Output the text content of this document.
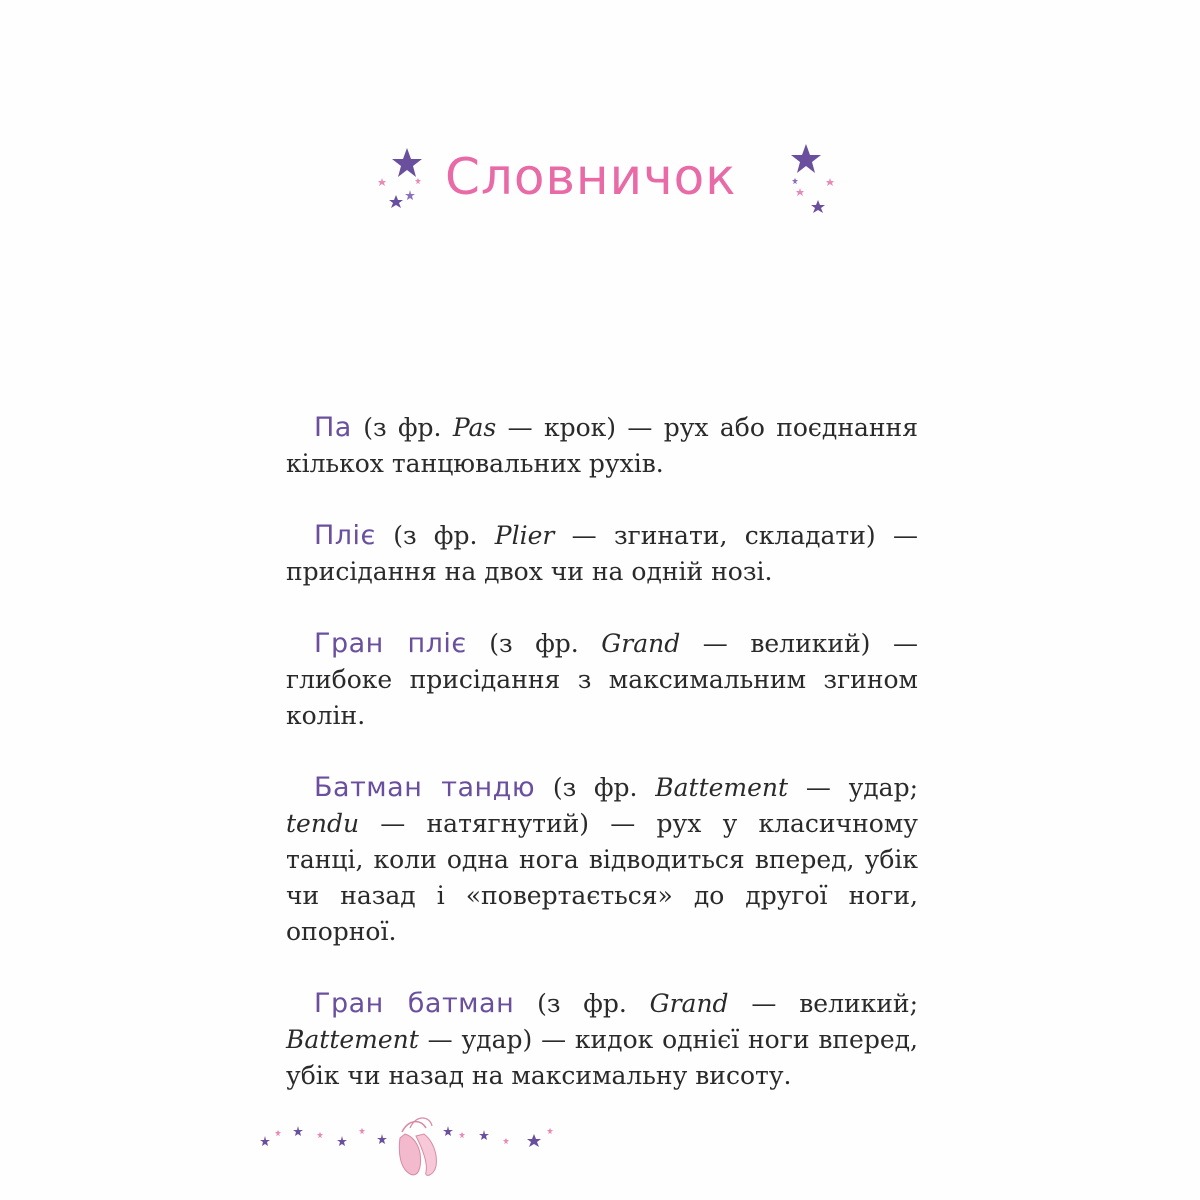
Словничок

Па (з фр. Pas — крок) — рух або поєднання кількох танцювальних рухів.

Пліє (з фр. Plier — згинати, складати) — присідання на двох чи на одній нозі.

Гран пліє (з фр. Grand — великий) — глибоке присідання з максимальним згином колін.

Батман тандю (з фр. Battement — удар; tendu — натягнутий) — рух у класичному танці, коли одна нога відводиться вперед, убік чи назад і «повертається» до другої ноги, опорної.

Гран батман (з фр. Grand — великий; Battement — удар) — кидок однієї ноги вперед, убік чи назад на максимальну висоту.
